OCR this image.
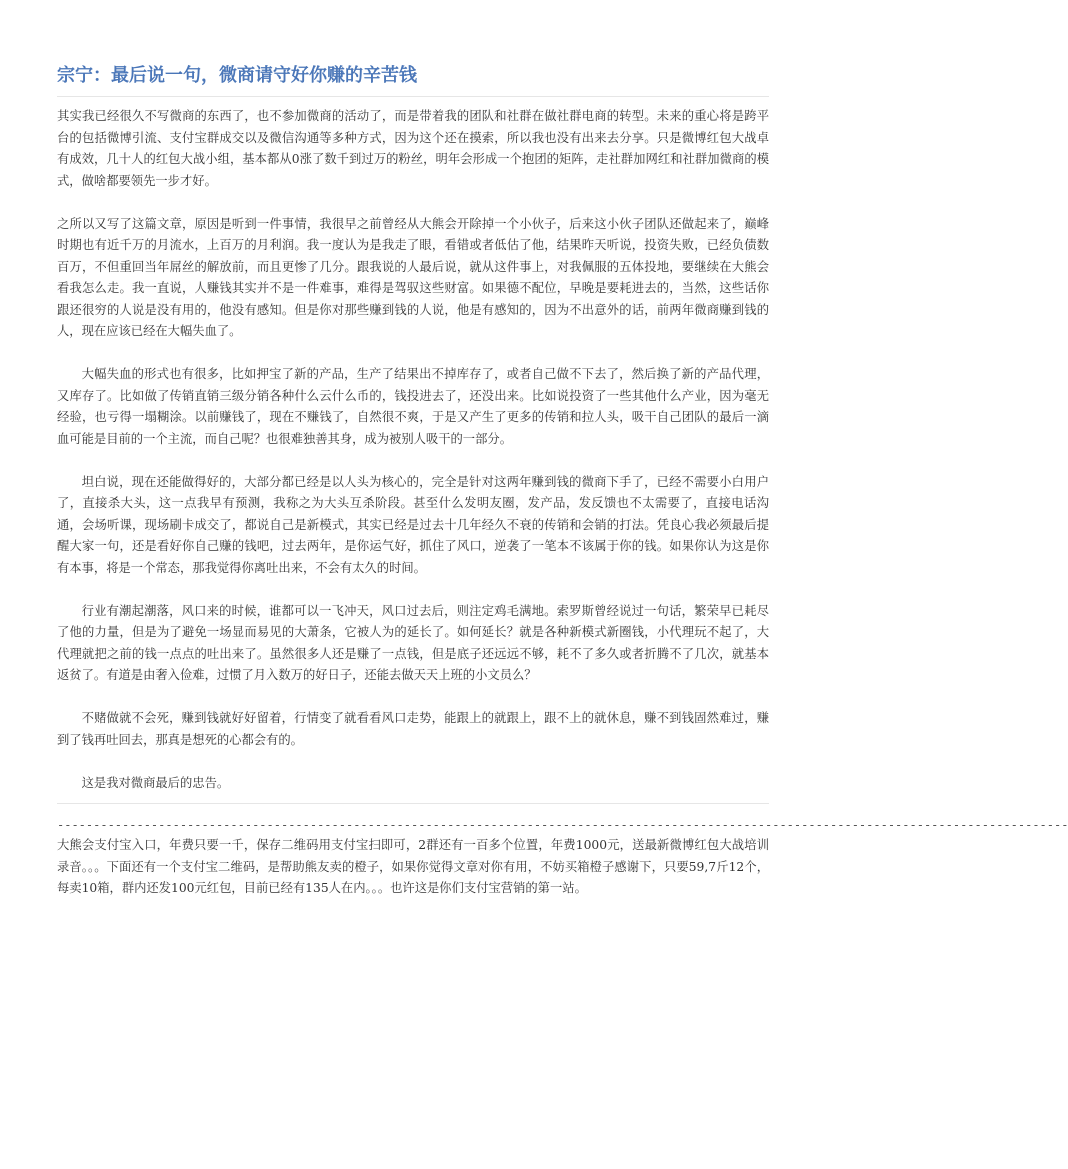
宗宁：最后说一句，微商请守好你赚的辛苦钱

其实我已经很久不写微商的东西了，也不参加微商的活动了，而是带着我的团队和社群在做社群电商的转型。未来的重心将是跨平台的包括微博引流、支付宝群成交以及微信沟通等多种方式，因为这个还在摸索，所以我也没有出来去分享。只是微博红包大战卓有成效，几十人的红包大战小组，基本都从0涨了数千到过万的粉丝，明年会形成一个抱团的矩阵，走社群加网红和社群加微商的模式，做啥都要领先一步才好。

之所以又写了这篇文章，原因是听到一件事情，我很早之前曾经从大熊会开除掉一个小伙子，后来这小伙子团队还做起来了，巅峰时期也有近千万的月流水，上百万的月利润。我一度认为是我走了眼，看错或者低估了他，结果昨天听说，投资失败，已经负债数百万，不但重回当年屌丝的解放前，而且更惨了几分。跟我说的人最后说，就从这件事上，对我佩服的五体投地，要继续在大熊会看我怎么走。我一直说，人赚钱其实并不是一件难事，难得是驾驭这些财富。如果德不配位，早晚是要耗进去的，当然，这些话你跟还很穷的人说是没有用的，他没有感知。但是你对那些赚到钱的人说，他是有感知的，因为不出意外的话，前两年微商赚到钱的人，现在应该已经在大幅失血了。

大幅失血的形式也有很多，比如押宝了新的产品，生产了结果出不掉库存了，或者自己做不下去了，然后换了新的产品代理，又库存了。比如做了传销直销三级分销各种什么云什么币的，钱投进去了，还没出来。比如说投资了一些其他什么产业，因为毫无经验，也亏得一塌糊涂。以前赚钱了，现在不赚钱了，自然很不爽，于是又产生了更多的传销和拉人头，吸干自己团队的最后一滴血可能是目前的一个主流，而自己呢？也很难独善其身，成为被别人吸干的一部分。

坦白说，现在还能做得好的，大部分都已经是以人头为核心的，完全是针对这两年赚到钱的微商下手了，已经不需要小白用户了，直接杀大头，这一点我早有预测，我称之为大头互杀阶段。甚至什么发明友圈，发产品，发反馈也不太需要了，直接电话沟通，会场听课，现场刷卡成交了，都说自己是新模式，其实已经是过去十几年经久不衰的传销和会销的打法。凭良心我必须最后提醒大家一句，还是看好你自己赚的钱吧，过去两年，是你运气好，抓住了风口，逆袭了一笔本不该属于你的钱。如果你认为这是你有本事，将是一个常态，那我觉得你离吐出来，不会有太久的时间。

行业有潮起潮落，风口来的时候，谁都可以一飞冲天，风口过去后，则注定鸡毛满地。索罗斯曾经说过一句话，繁荣早已耗尽了他的力量，但是为了避免一场显而易见的大萧条，它被人为的延长了。如何延长？就是各种新模式新圈钱，小代理玩不起了，大代理就把之前的钱一点点的吐出来了。虽然很多人还是赚了一点钱，但是底子还远远不够，耗不了多久或者折腾不了几次，就基本返贫了。有道是由奢入俭难，过惯了月入数万的好日子，还能去做天天上班的小文员么？

不赌做就不会死，赚到钱就好好留着，行情变了就看看风口走势，能跟上的就跟上，跟不上的就休息，赚不到钱固然难过，赚到了钱再吐回去，那真是想死的心都会有的。

这是我对微商最后的忠告。

--------------------------------------------------------------------------------------------------------------------------------------------

大熊会支付宝入口，年费只要一千，保存二维码用支付宝扫即可，2群还有一百多个位置，年费1000元，送最新微博红包大战培训录音。。。下面还有一个支付宝二维码，是帮助熊友卖的橙子，如果你觉得文章对你有用，不妨买箱橙子感谢下，只要59,7斤12个，每卖10箱，群内还发100元红包，目前已经有135人在内。。。也许这是你们支付宝营销的第一站。
